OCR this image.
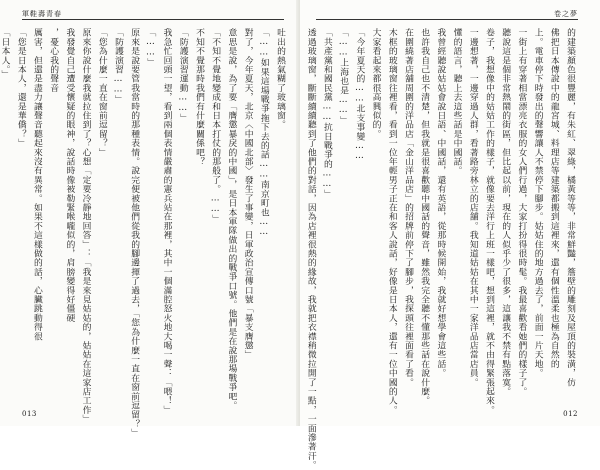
軍鞋壽青春
吐出的熱氣糊了玻璃窗。
「……如果這場戰爭拖下去的話……南京町也……
對了，今年夏天，北京〈中國北部〉發生了事變，日軍政治宣傳口號「暴支膺懲」
意思是說，為了要「膺懲暴戾的中國」，是日本軍隊做出的戰爭口號。他們是在說那場戰爭吧。
「不知不覺地變成和日本打仗的那般了。……」
不知不覺那時我們有什麼關係吧？
「防護演習運動……」
我急忙回頭一望，看到兩個表情嚴肅的憲兵站在那裡，其中一個滿腔怒火地大喝一聲：「喂！」
「……」
原來是說要管我當時的那種表情。說完便被他們從我的腳邊揮了過去，「您為什麼一直在窗前逗留？」
「防護演習……」
「您為什麼一直在窗前逗留？」
原來你說什麼我就拉住到了？心想「定要冷靜地回答」：「我是來見姑姑的，姑姑在這家店工作」
我發覺自己遭受懷疑的眼神，說話時像被勒緊喉嚨似的，肩膀變得好僵硬
，憂心我的聲音
厲害，但還是盡力讓聲音聽起來沒有異常。如果不這樣做的話，心臟跳動得很
「您是日本人，還是華僑？」
「日本人。」
013
卷之夢
的建築顏色很豐麗，有朱紅、翠綠，橘黃等等，非常鮮豔，簷壁的雕刻及屋頂的裝潢，仿
佛把日本傳說中的龍宮城、料理店等建築都搬到這裡來，還有個性溫柔也極為自然的
上。電車停下時發出的聲響讓人不禁停下腳步。姑姑住的地方過去了，前面一片天地。
一街上有穿著相當漂亮衣服的女人們行過，大家打扮得很時髦。我最喜歡看她們的樣子了。
聽說這是個非常熱鬧的街區，但比起以前，現在的人似乎少了很多，這讓我不禁有點落寞。
卷子，我想像中的姑姑工作的樣子，就像要去洋行上班一樣吧，想到這裡，就不由得緊張起來。
一邊想著，一邊穿過人群，看著路旁林立的店舖。我知道姑姑在其中一家洋品店當店員。
懂的語言，聽上去這些話是中國話。
我曾經聽說姑姑會說日語、中國話，還有英語，從那時候開始，我就好想學會這些話。
也許我自己也不清楚，但我就是很喜歡聽中國話的聲音，雖然我完全聽不懂那些話在說什麼。
在圍繞著店舖周圍的洋品店「金山洋品店」的招牌前停下了腳步，我探頭往裡面看了看。
木框的玻璃窗往裡看，看到一位年輕男子正在和客人說話，好像是日本人，還有一位中國的人。
大家看起來都很高興似的。
「今年夏天的……北支事變……
「……上海也是……」
「共產黨和國民黨……抗日戰爭的……」
透過玻璃窗，斷斷續續聽到了他們的對話，因為店裡很熱的緣故，我就把衣襟稍微拉開了一點，一面滲著汗。	012
